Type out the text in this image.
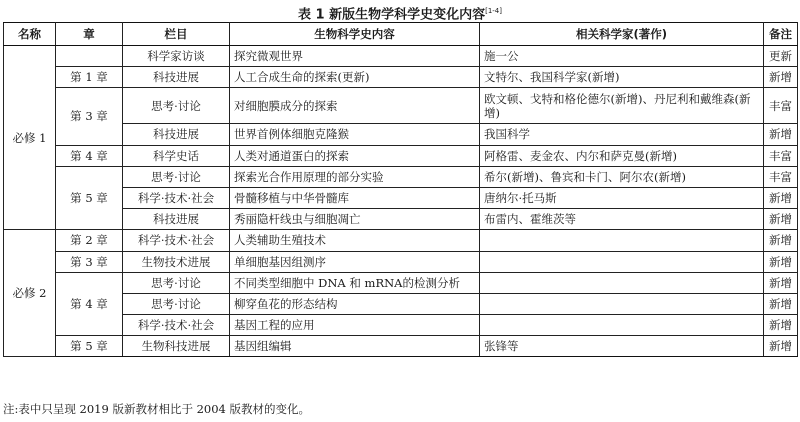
表 1 新版生物学科学史变化内容[1-4]
名称	章	栏目	生物科学史内容	相关科学家(著作)	备注
必修 1		科学家访谈	探究微观世界	施一公	更新
	第 1 章	科技进展	人工合成生命的探索(更新)	文特尔、我国科学家(新增)	新增
	第 3 章	思考·讨论	对细胞膜成分的探索	欧文顿、戈特和格伦德尔(新增)、丹尼利和戴维森(新增)	丰富
		科技进展	世界首例体细胞克隆猴	我国科学	新增
	第 4 章	科学史话	人类对通道蛋白的探索	阿格雷、麦金农、内尔和萨克曼(新增)	丰富
	第 5 章	思考·讨论	探索光合作用原理的部分实验	希尔(新增)、鲁宾和卡门、阿尔农(新增)	丰富
		科学·技术·社会	骨髓移植与中华骨髓库	唐纳尔·托马斯	新增
		科技进展	秀丽隐杆线虫与细胞凋亡	布雷内、霍维茨等	新增
必修 2	第 2 章	科学·技术·社会	人类辅助生殖技术		新增
	第 3 章	生物技术进展	单细胞基因组测序		新增
	第 4 章	思考·讨论	不同类型细胞中 DNA 和 mRNA的检测分析		新增
		思考·讨论	柳穿鱼花的形态结构		新增
		科学·技术·社会	基因工程的应用		新增
	第 5 章	生物科技进展	基因组编辑	张锋等	新增
注:表中只呈现 2019 版新教材相比于 2004 版教材的变化。
